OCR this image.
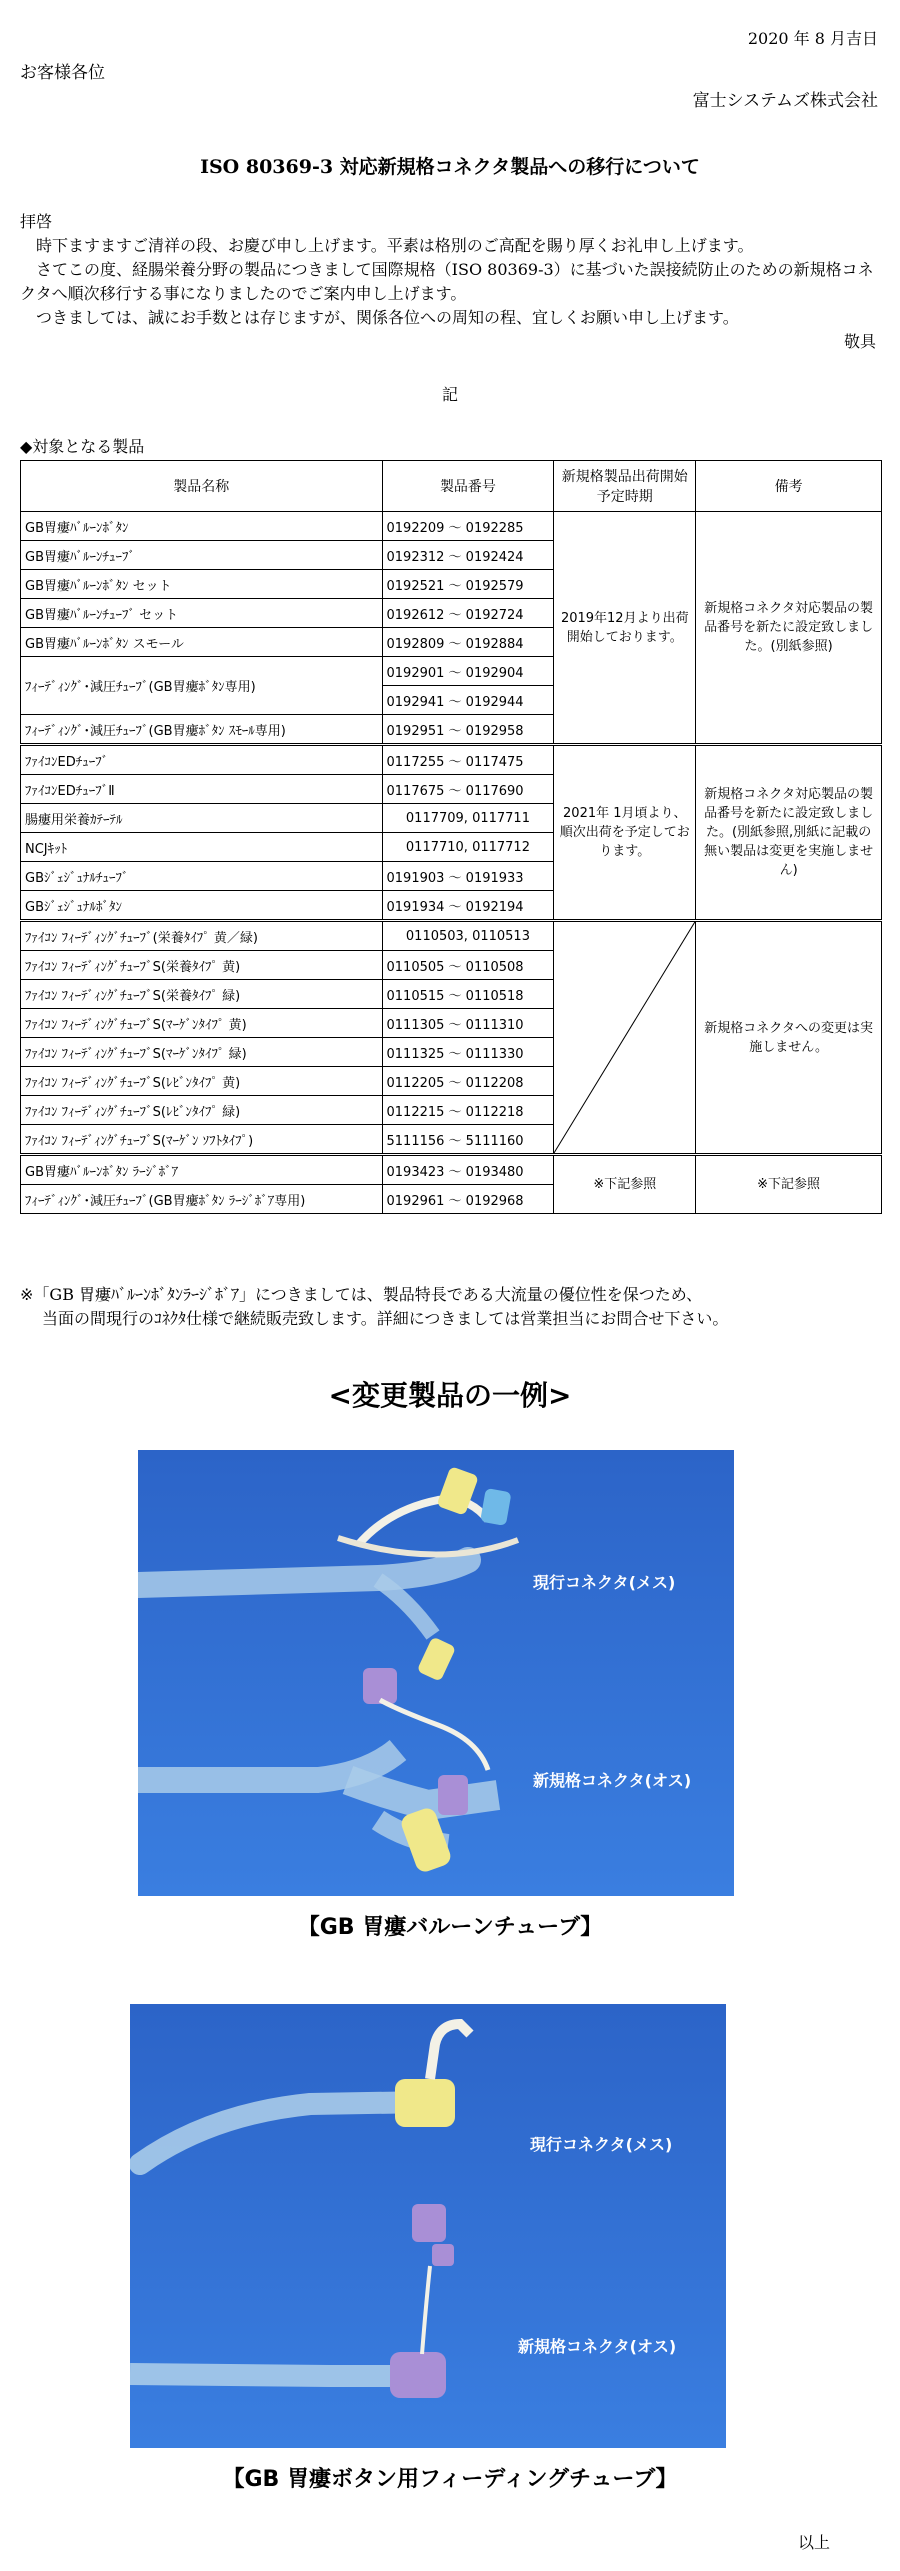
2020 年 8 月吉日
お客様各位
富士システムズ株式会社
ISO 80369-3 対応新規格コネクタ製品への移行について

拝啓

時下ますますご清祥の段、お慶び申し上げます。平素は格別のご高配を賜り厚くお礼申し上げます。

さてこの度、経腸栄養分野の製品につきまして国際規格（ISO 80369-3）に基づいた誤接続防止のための新規格コネクタへ順次移行する事になりましたのでご案内申し上げます。

つきましては、誠にお手数とは存じますが、関係各位への周知の程、宜しくお願い申し上げます。

敬具

記
◆対象となる製品
製品名称	製品番号	新規格製品出荷開始予定時期	備考
GB胃瘻ﾊﾞﾙｰﾝﾎﾞﾀﾝ	0192209 ～ 0192285	2019年12月より出荷開始しております。	新規格コネクタ対応製品の製品番号を新たに設定致しました。(別紙参照)
GB胃瘻ﾊﾞﾙｰﾝﾁｭｰﾌﾞ	0192312 ～ 0192424		
GB胃瘻ﾊﾞﾙｰﾝﾎﾞﾀﾝ セット	0192521 ～ 0192579		
GB胃瘻ﾊﾞﾙｰﾝﾁｭｰﾌﾞ セット	0192612 ～ 0192724		
GB胃瘻ﾊﾞﾙｰﾝﾎﾞﾀﾝ スモール	0192809 ～ 0192884		
ﾌｨｰﾃﾞｨﾝｸﾞ･減圧ﾁｭｰﾌﾞ(GB胃瘻ﾎﾞﾀﾝ専用)	0192901 ～ 0192904		
	0192941 ～ 0192944		
ﾌｨｰﾃﾞｨﾝｸﾞ･減圧ﾁｭｰﾌﾞ(GB胃瘻ﾎﾞﾀﾝ ｽﾓｰﾙ専用)	0192951 ～ 0192958		
ﾌｧｲｺﾝEDﾁｭｰﾌﾞ	0117255 ～ 0117475	2021年 1月頃より、順次出荷を予定しております。	新規格コネクタ対応製品の製品番号を新たに設定致しました。(別紙参照,別紙に記載の無い製品は変更を実施しません)
ﾌｧｲｺﾝEDﾁｭｰﾌﾞⅡ	0117675 ～ 0117690		
腸瘻用栄養ｶﾃｰﾃﾙ	0117709, 0117711		
NCJｷｯﾄ	0117710, 0117712		
GBｼﾞｪｼﾞｭﾅﾙﾁｭｰﾌﾞ	0191903 ～ 0191933		
GBｼﾞｪｼﾞｭﾅﾙﾎﾞﾀﾝ	0191934 ～ 0192194		
ﾌｧｲｺﾝ ﾌｨｰﾃﾞｨﾝｸﾞﾁｭｰﾌﾞ(栄養ﾀｲﾌﾟ 黄／緑)	0110503, 0110513		新規格コネクタへの変更は実施しません。
ﾌｧｲｺﾝ ﾌｨｰﾃﾞｨﾝｸﾞﾁｭｰﾌﾞS(栄養ﾀｲﾌﾟ 黄)	0110505 ～ 0110508		
ﾌｧｲｺﾝ ﾌｨｰﾃﾞｨﾝｸﾞﾁｭｰﾌﾞS(栄養ﾀｲﾌﾟ 緑)	0110515 ～ 0110518		
ﾌｧｲｺﾝ ﾌｨｰﾃﾞｨﾝｸﾞﾁｭｰﾌﾞS(ﾏｰｹﾞﾝﾀｲﾌﾟ 黄)	0111305 ～ 0111310		
ﾌｧｲｺﾝ ﾌｨｰﾃﾞｨﾝｸﾞﾁｭｰﾌﾞS(ﾏｰｹﾞﾝﾀｲﾌﾟ 緑)	0111325 ～ 0111330		
ﾌｧｲｺﾝ ﾌｨｰﾃﾞｨﾝｸﾞﾁｭｰﾌﾞS(ﾚﾋﾞﾝﾀｲﾌﾟ 黄)	0112205 ～ 0112208		
ﾌｧｲｺﾝ ﾌｨｰﾃﾞｨﾝｸﾞﾁｭｰﾌﾞS(ﾚﾋﾞﾝﾀｲﾌﾟ 緑)	0112215 ～ 0112218		
ﾌｧｲｺﾝ ﾌｨｰﾃﾞｨﾝｸﾞﾁｭｰﾌﾞS(ﾏｰｹﾞﾝ ｿﾌﾄﾀｲﾌﾟ)	5111156 ～ 5111160		
GB胃瘻ﾊﾞﾙｰﾝﾎﾞﾀﾝ ﾗｰｼﾞﾎﾞｱ	0193423 ～ 0193480	※下記参照	※下記参照
ﾌｨｰﾃﾞｨﾝｸﾞ･減圧ﾁｭｰﾌﾞ(GB胃瘻ﾎﾞﾀﾝ ﾗｰｼﾞﾎﾞｱ専用)	0192961 ～ 0192968		

※「GB 胃瘻ﾊﾞﾙｰﾝﾎﾞﾀﾝﾗｰｼﾞﾎﾞｱ」につきましては、製品特長である大流量の優位性を保つため、

当面の間現行のｺﾈｸﾀ仕様で継続販売致します。詳細につきましては営業担当にお問合せ下さい。

<変更製品の一例>
現行コネクタ(メス)
新規格コネクタ(オス)
【GB 胃瘻バルーンチューブ】
現行コネクタ(メス)
新規格コネクタ(オス)
【GB 胃瘻ボタン用フィーディングチューブ】
以上
